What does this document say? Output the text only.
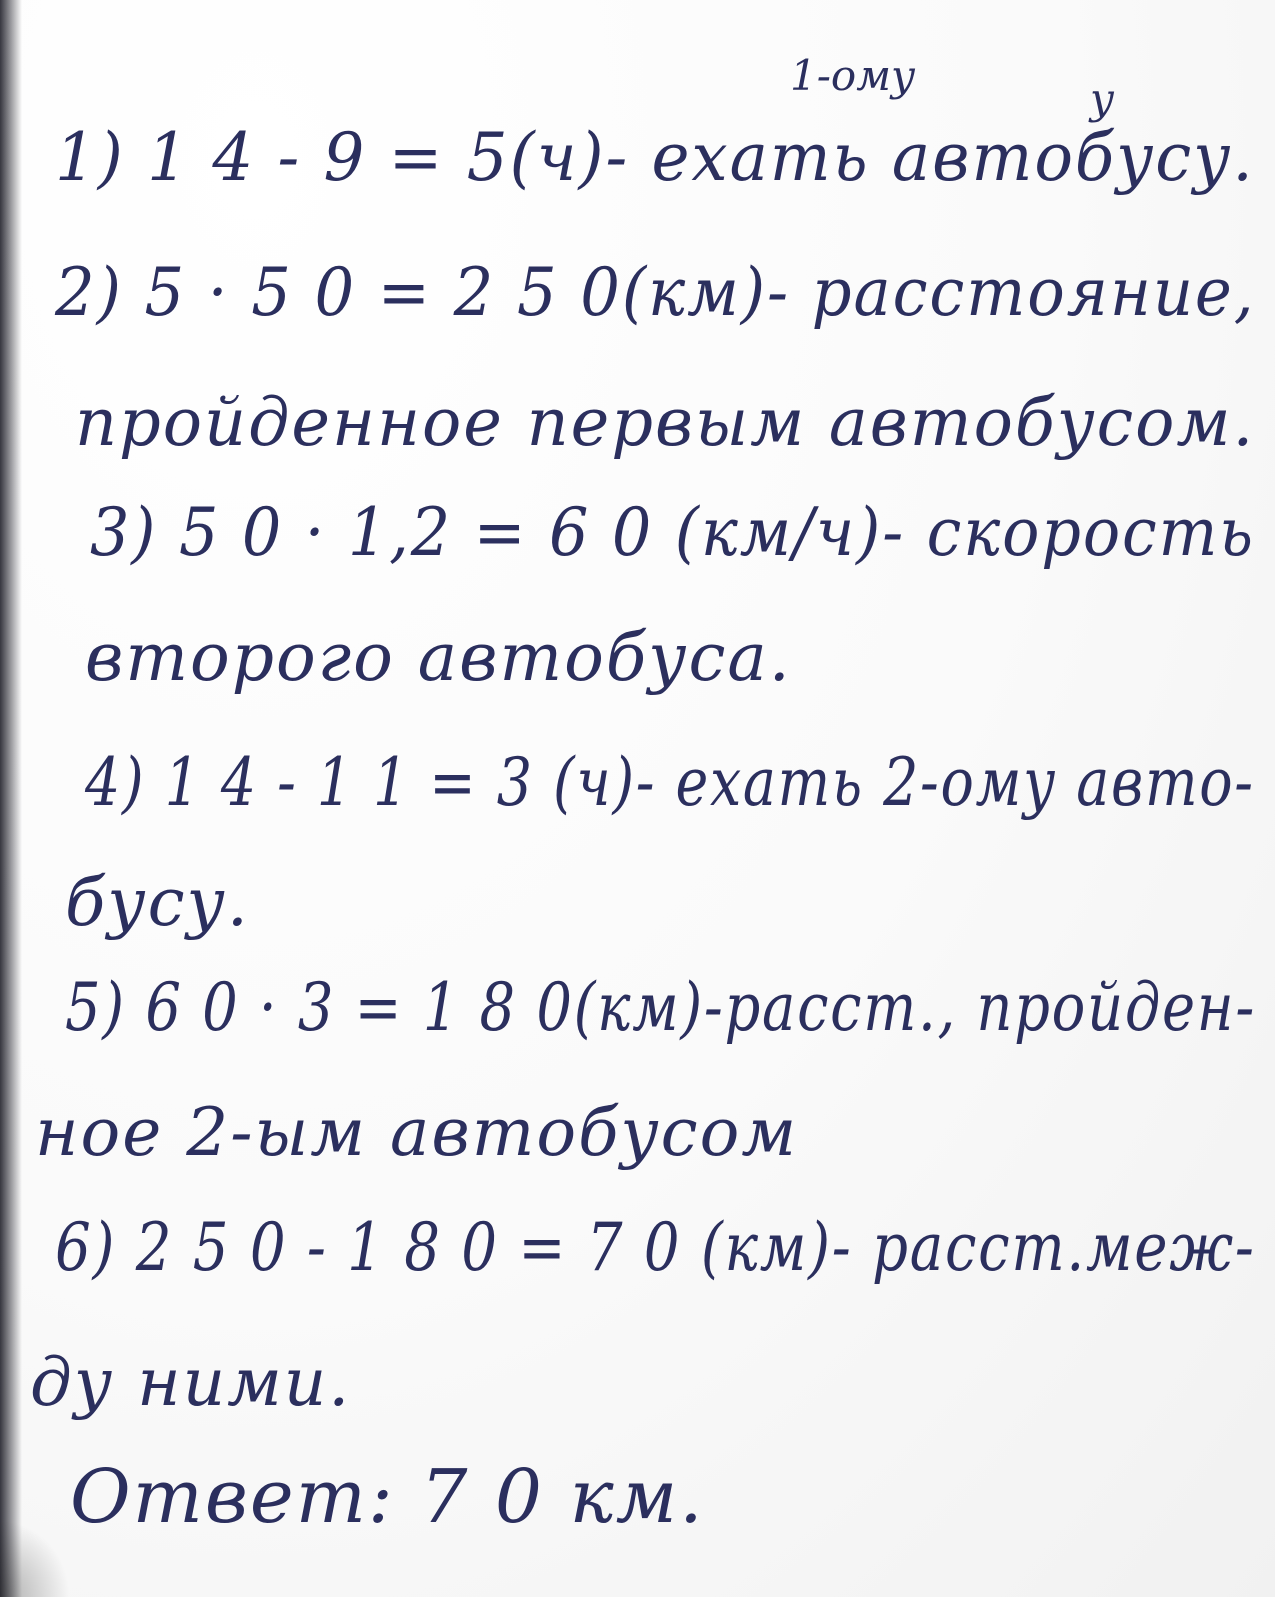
1-ому	у
1) 1 4 - 9 = 5(ч)- ехать автобусу.
2) 5 · 5 0 = 2 5 0(км)- расстояние,
пройденное первым автобусом.
3) 5 0 · 1,2 = 6 0 (км/ч)- скорость
второго автобуса.
4) 1 4 - 1 1 = 3 (ч)- ехать 2-ому авто-
бусу.
5) 6 0 · 3 = 1 8 0(км)-расст., пройден-
ное 2-ым автобусом
6) 2 5 0 - 1 8 0 = 7 0 (км)- расст.меж-
ду ними.
Ответ: 7 0 км.
